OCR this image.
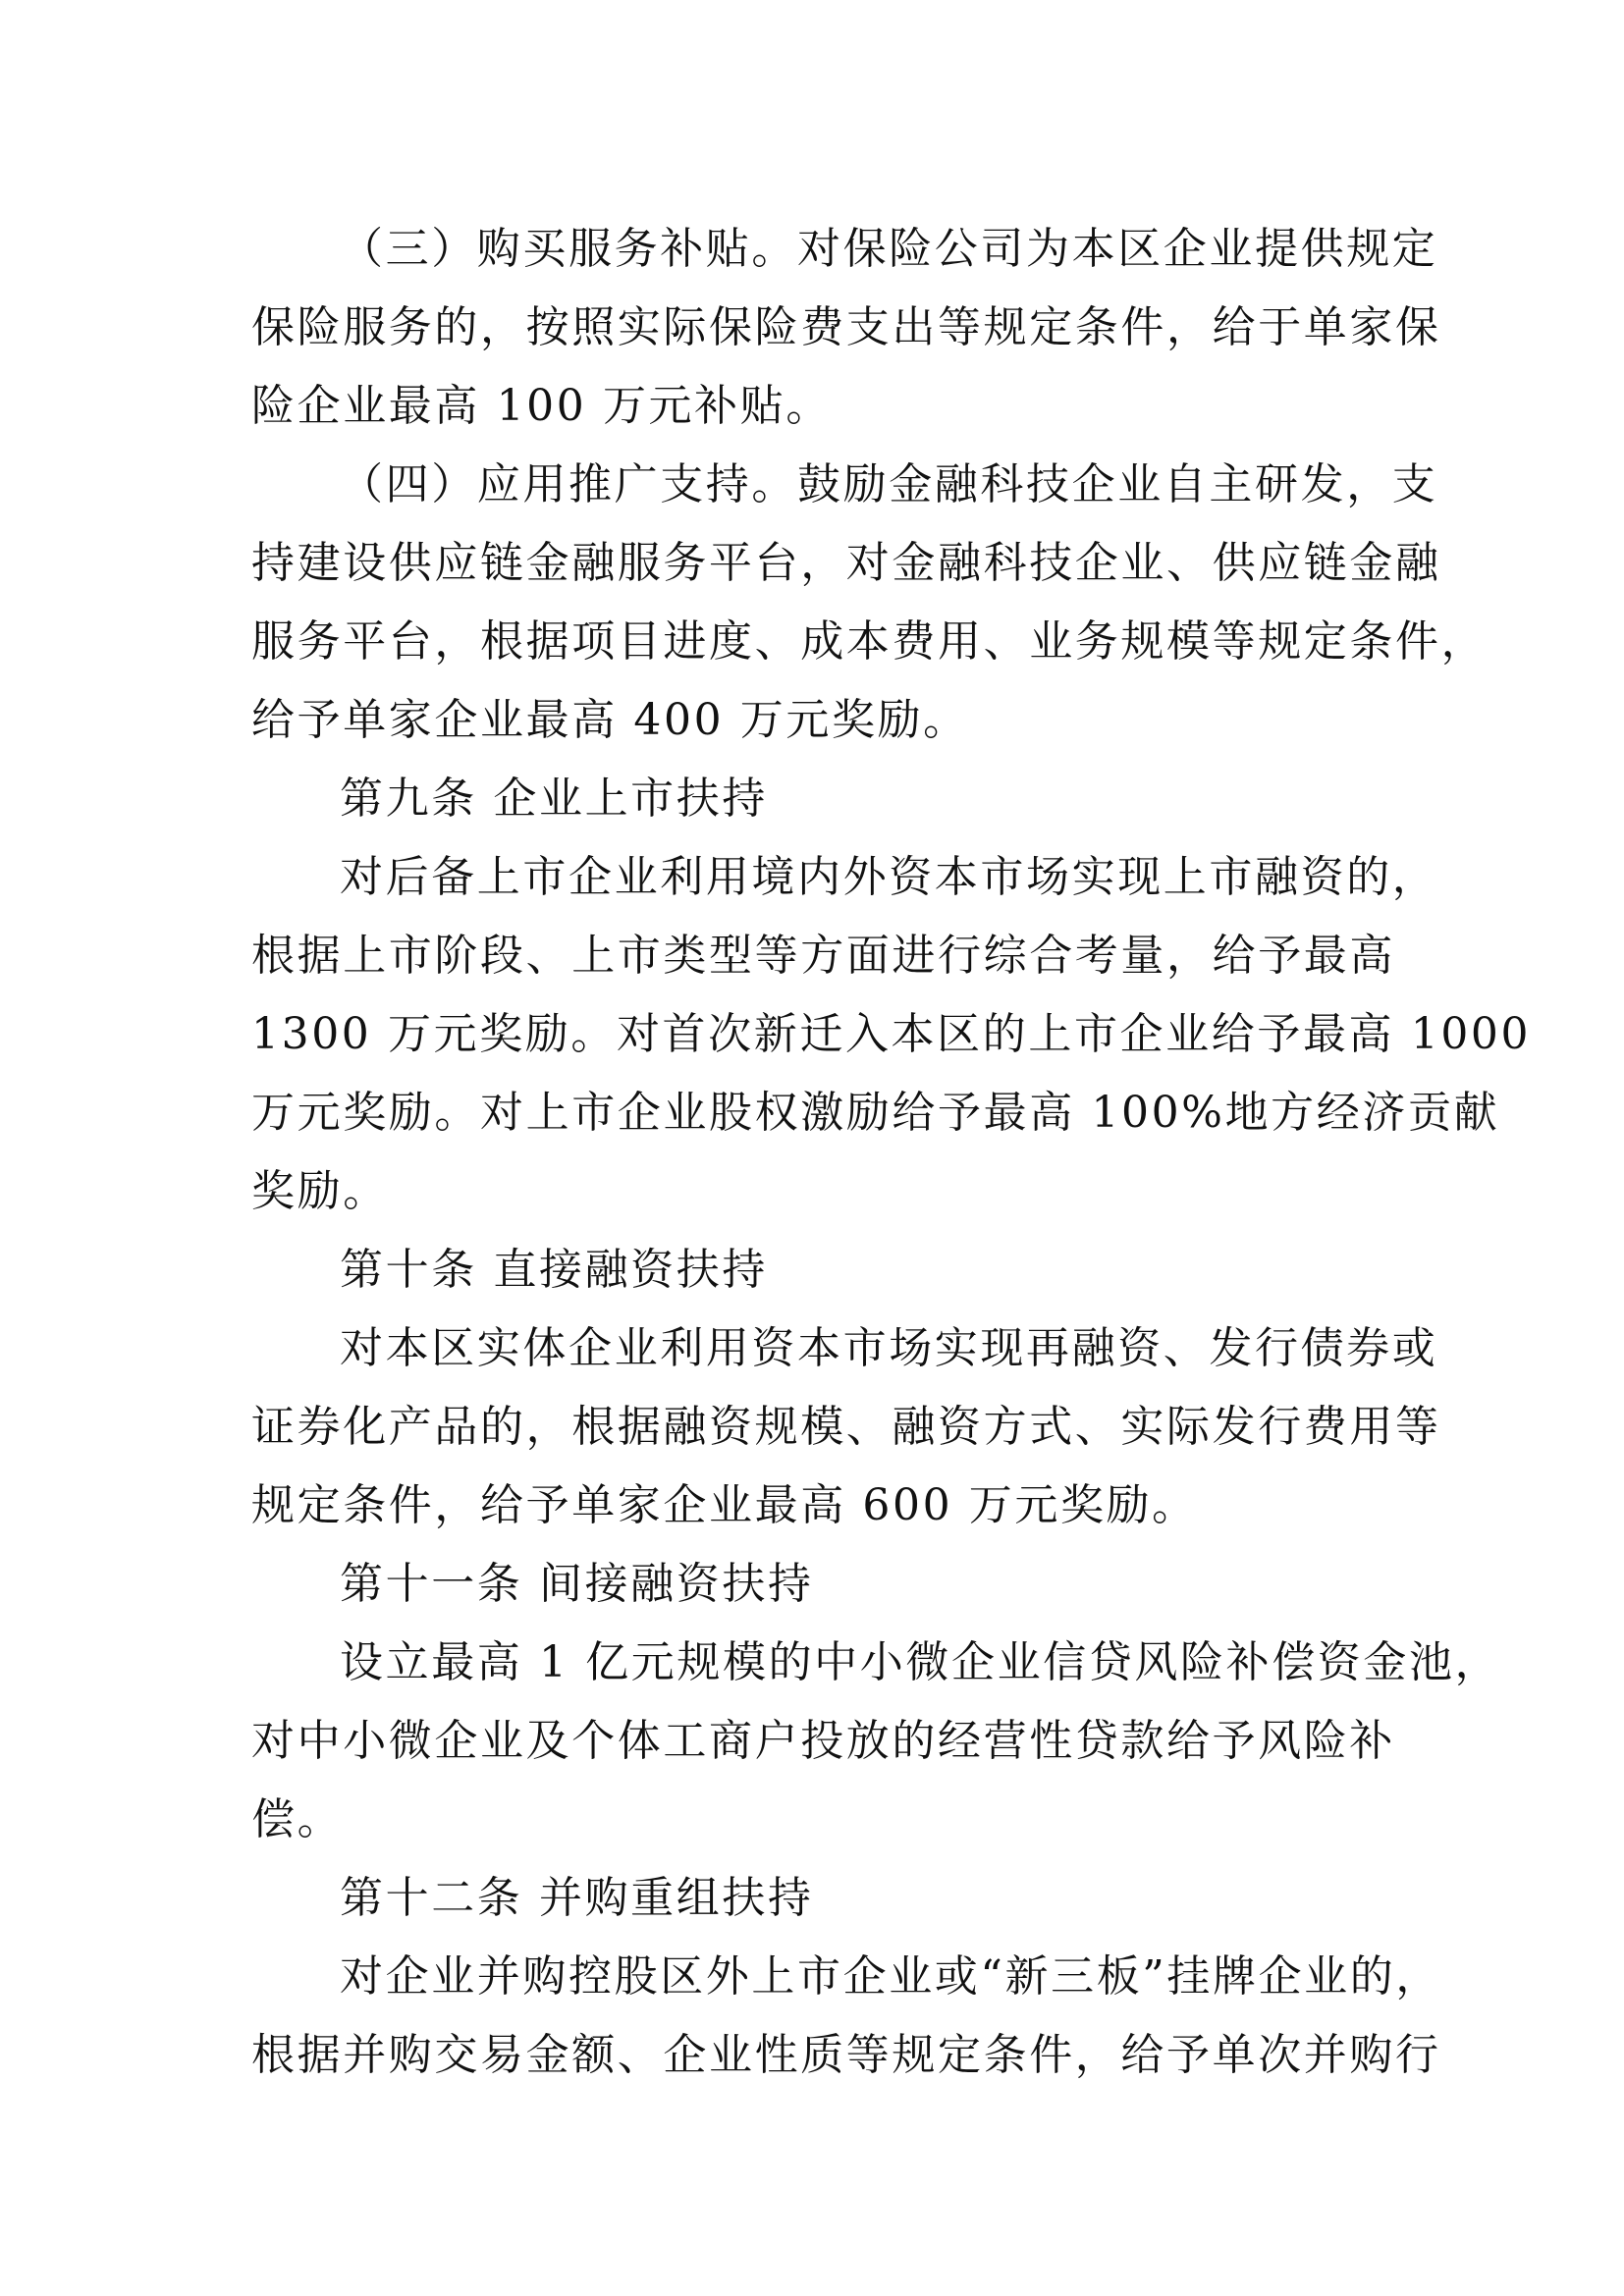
（三）购买服务补贴。对保险公司为本区企业提供规定
保险服务的，按照实际保险费支出等规定条件，给于单家保
险企业最高 100 万元补贴。
（四）应用推广支持。鼓励金融科技企业自主研发，支
持建设供应链金融服务平台，对金融科技企业、供应链金融
服务平台，根据项目进度、成本费用、业务规模等规定条件，
给予单家企业最高 400 万元奖励。
第九条 企业上市扶持
对后备上市企业利用境内外资本市场实现上市融资的，
根据上市阶段、上市类型等方面进行综合考量，给予最高
1300 万元奖励。对首次新迁入本区的上市企业给予最高 1000
万元奖励。对上市企业股权激励给予最高 100%地方经济贡献
奖励。
第十条 直接融资扶持
对本区实体企业利用资本市场实现再融资、发行债券或
证券化产品的，根据融资规模、融资方式、实际发行费用等
规定条件，给予单家企业最高 600 万元奖励。
第十一条 间接融资扶持
设立最高 1 亿元规模的中小微企业信贷风险补偿资金池，
对中小微企业及个体工商户投放的经营性贷款给予风险补
偿。
第十二条 并购重组扶持
对企业并购控股区外上市企业或“新三板”挂牌企业的，
根据并购交易金额、企业性质等规定条件，给予单次并购行
